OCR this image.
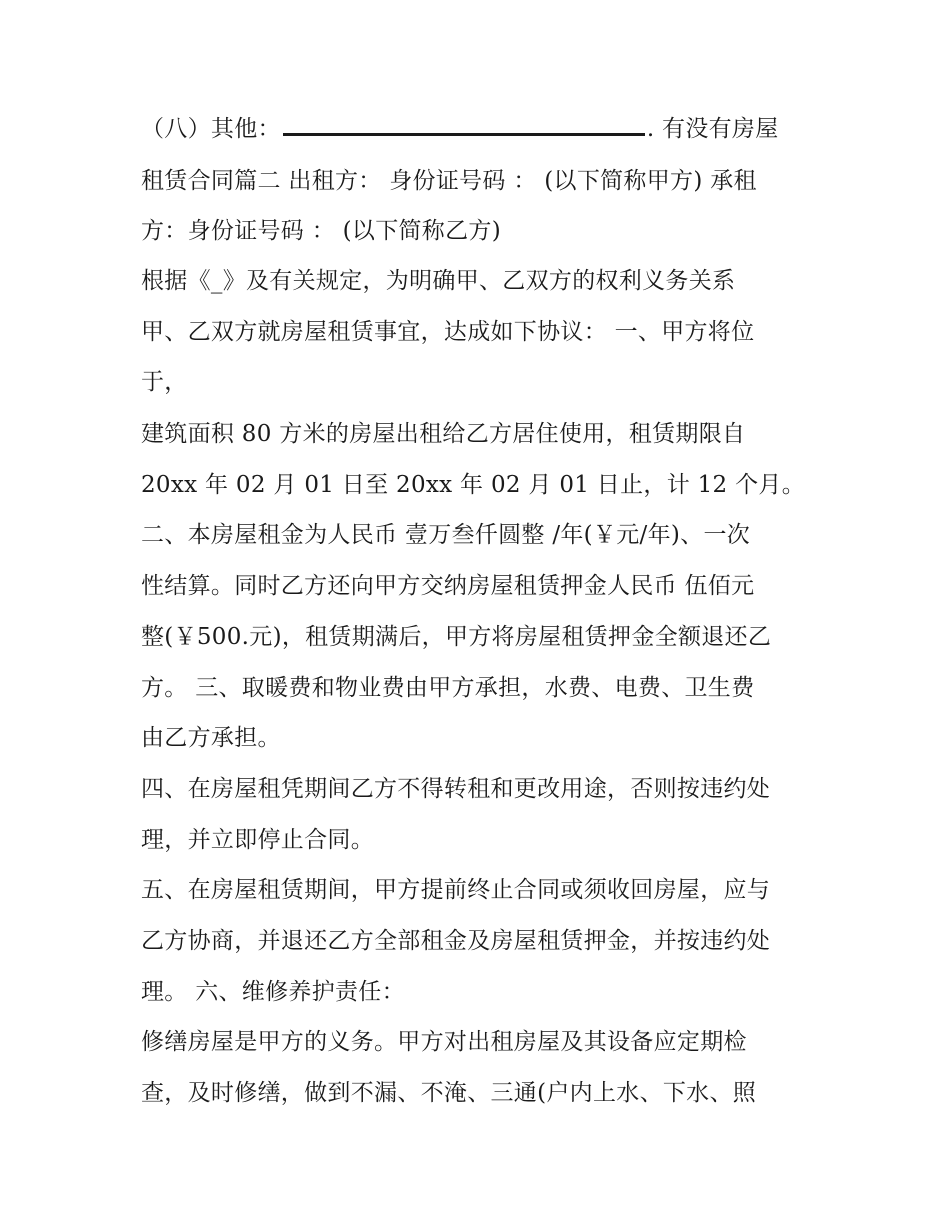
（八）其他：	. 有没有房屋
租赁合同篇二 出租方： 身份证号码 ： (以下简称甲方) 承租
方：身份证号码 ： (以下简称乙方)
根据《_》及有关规定，为明确甲、乙双方的权利义务关系
甲、乙双方就房屋租赁事宜，达成如下协议： 一、甲方将位
于，
建筑面积 80 方米的房屋出租给乙方居住使用，租赁期限自
20xx 年 02 月 01 日至 20xx 年 02 月 01 日止，计 12 个月。
二、本房屋租金为人民币 壹万叁仟圆整 /年(￥元/年)、一次
性结算。同时乙方还向甲方交纳房屋租赁押金人民币 伍佰元
整(￥500.元)，租赁期满后，甲方将房屋租赁押金全额退还乙
方。 三、取暖费和物业费由甲方承担，水费、电费、卫生费
由乙方承担。
四、在房屋租凭期间乙方不得转租和更改用途，否则按违约处
理，并立即停止合同。
五、在房屋租赁期间，甲方提前终止合同或须收回房屋，应与
乙方协商，并退还乙方全部租金及房屋租赁押金，并按违约处
理。 六、维修养护责任：
修缮房屋是甲方的义务。甲方对出租房屋及其设备应定期检
查，及时修缮，做到不漏、不淹、三通(户内上水、下水、照
